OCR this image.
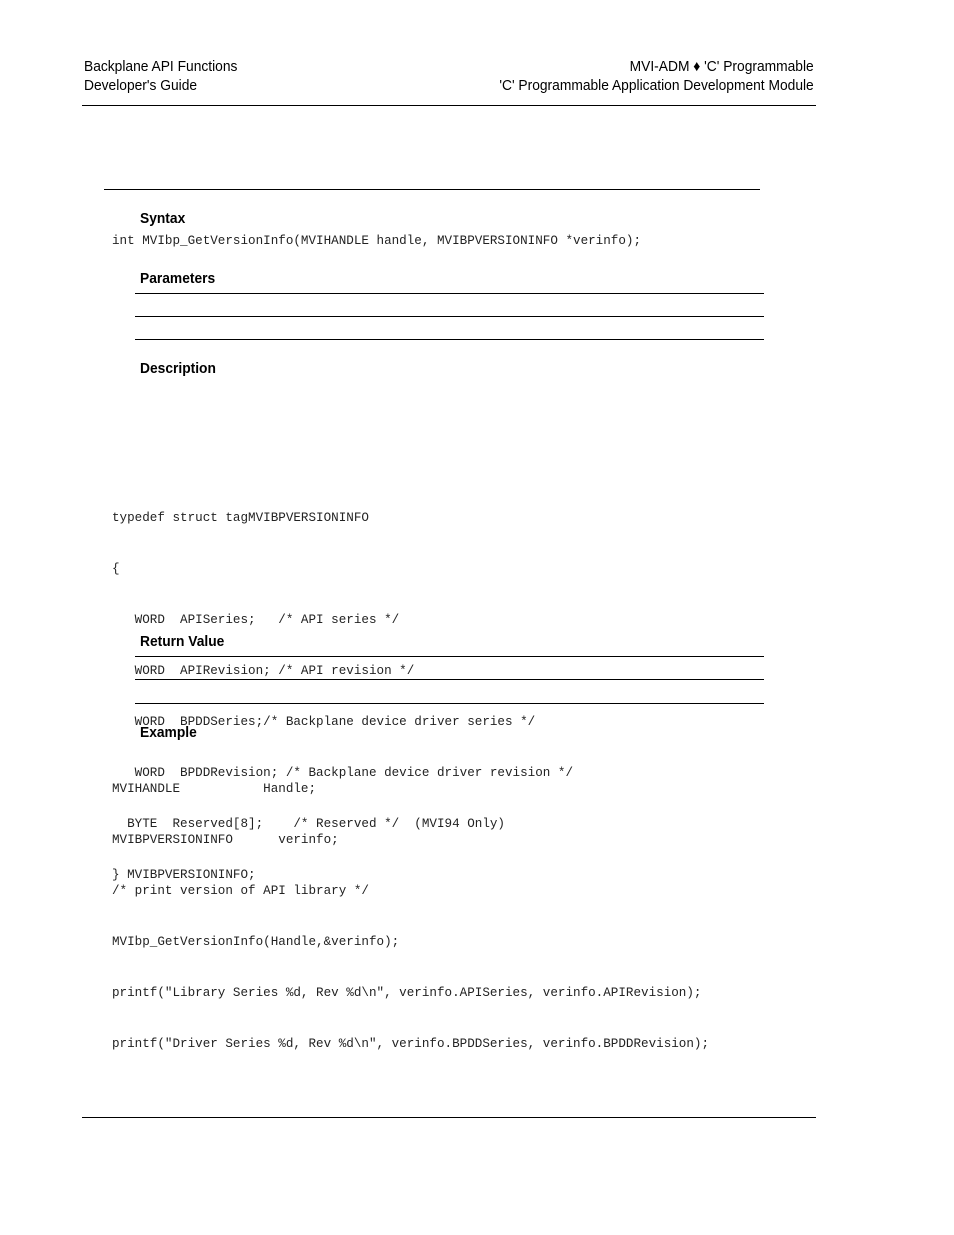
Backplane API Functions
Developer's Guide
MVI-ADM ♦ 'C' Programmable
'C' Programmable Application Development Module
Syntax
int MVIbp_GetVersionInfo(MVIHANDLE handle, MVIBPVERSIONINFO *verinfo);
Parameters
Description

typedef struct tagMVIBPVERSIONINFO

{

WORD  APISeries;   /* API series */

WORD  APIRevision; /* API revision */

WORD  BPDDSeries;/* Backplane device driver series */

WORD  BPDDRevision; /* Backplane device driver revision */

BYTE  Reserved[8];    /* Reserved */  (MVI94 Only)

} MVIBPVERSIONINFO;

Return Value
Example

MVIHANDLE           Handle;

MVIBPVERSIONINFO      verinfo;

/* print version of API library */

MVIbp_GetVersionInfo(Handle,&verinfo);

printf("Library Series %d, Rev %d\n", verinfo.APISeries, verinfo.APIRevision);

printf("Driver Series %d, Rev %d\n", verinfo.BPDDSeries, verinfo.BPDDRevision);
